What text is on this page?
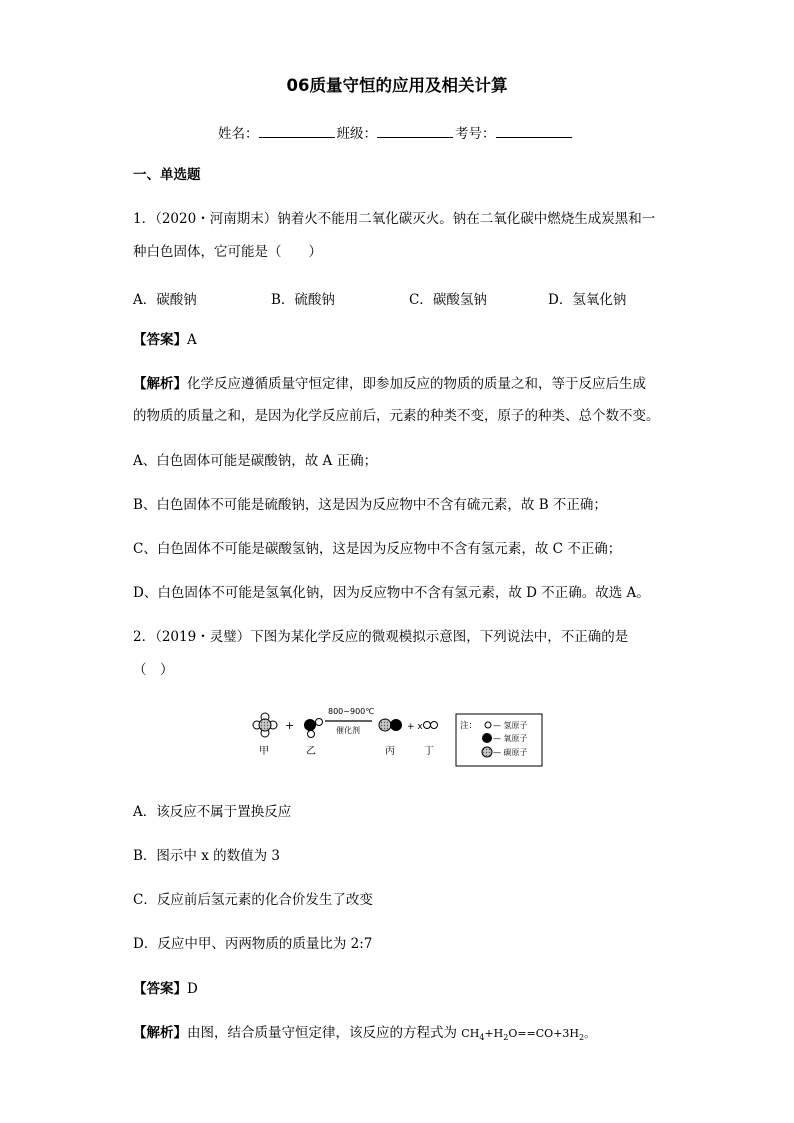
06质量守恒的应用及相关计算
姓名：	班级：	考号：
一、单选题
1．（2020・河南期末）钠着火不能用二氧化碳灭火。钠在二氧化碳中燃烧生成炭黑和一
种白色固体，它可能是（　　）
A．碳酸钠	B．硫酸钠	C．碳酸氢钠	D．氢氧化钠
【答案】A
【解析】化学反应遵循质量守恒定律，即参加反应的物质的质量之和，等于反应后生成
的物质的质量之和，是因为化学反应前后，元素的种类不变，原子的种类、总个数不变。
A、白色固体可能是碳酸钠，故 A 正确；
B、白色固体不可能是硫酸钠，这是因为反应物中不含有硫元素，故 B 不正确；
C、白色固体不可能是碳酸氢钠，这是因为反应物中不含有氢元素，故 C 不正确；
D、白色固体不可能是氢氧化钠，因为反应物中不含有氢元素，故 D 不正确。故选 A。
2．（2019・灵璧）下图为某化学反应的微观模拟示意图，下列说法中，不正确的是
（　）
+
800~900℃
催化剂	+ x
甲	乙	丙	丁
注： — 氢原子
— 氧原子
— 碳原子
A．该反应不属于置换反应
B．图示中 x 的数值为 3
C．反应前后氢元素的化合价发生了改变
D．反应中甲、丙两物质的质量比为 2:7
【答案】D
【解析】由图，结合质量守恒定律，该反应的方程式为 $CH_4+H_2O==CO+3H_2$。
